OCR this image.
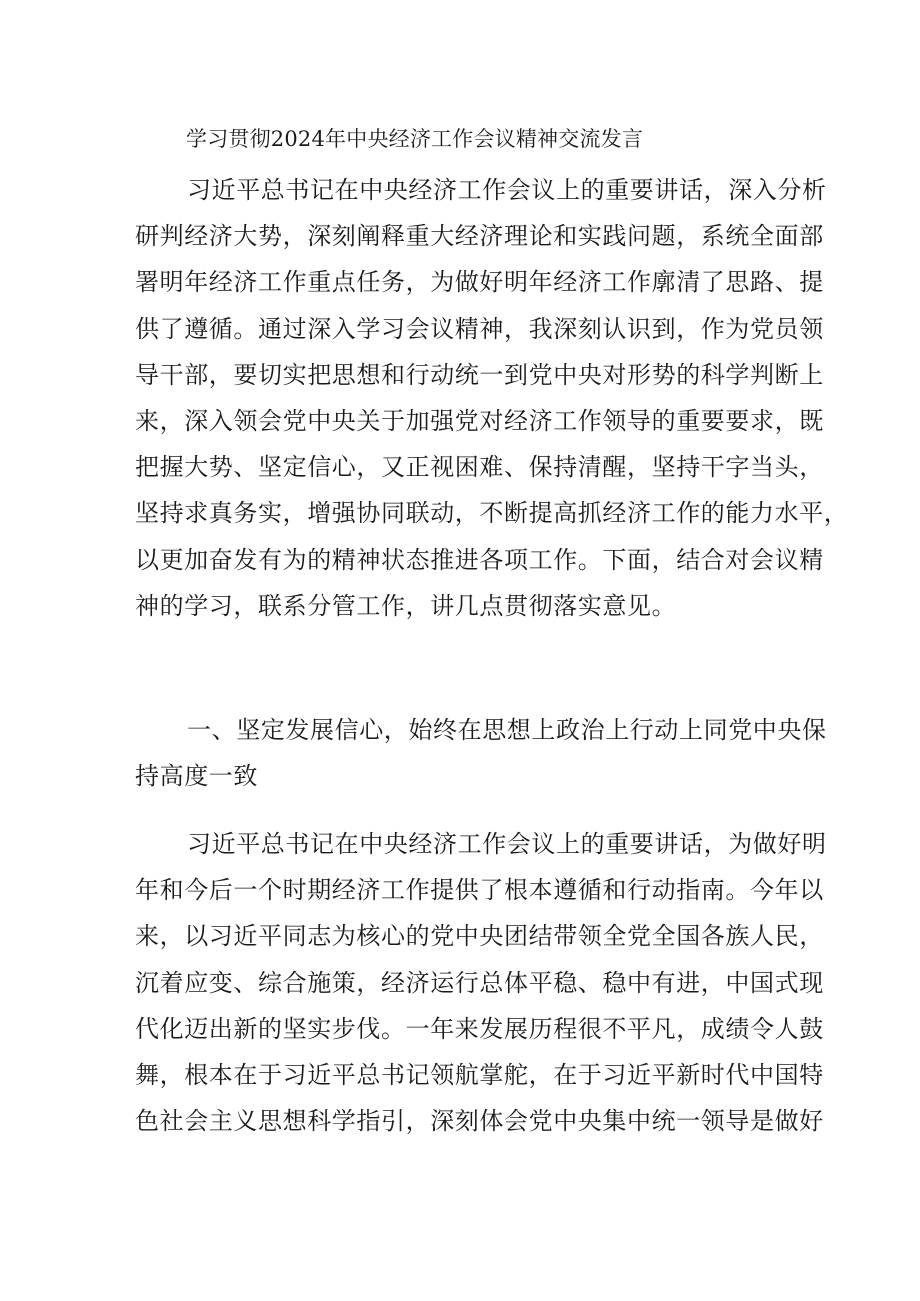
学习贯彻2024年中央经济工作会议精神交流发言

习近平总书记在中央经济工作会议上的重要讲话，深入分析
研判经济大势，深刻阐释重大经济理论和实践问题，系统全面部
署明年经济工作重点任务，为做好明年经济工作廓清了思路、提
供了遵循。通过深入学习会议精神，我深刻认识到，作为党员领
导干部，要切实把思想和行动统一到党中央对形势的科学判断上
来，深入领会党中央关于加强党对经济工作领导的重要要求，既
把握大势、坚定信心，又正视困难、保持清醒，坚持干字当头，
坚持求真务实，增强协同联动，不断提高抓经济工作的能力水平，
以更加奋发有为的精神状态推进各项工作。下面，结合对会议精
神的学习，联系分管工作，讲几点贯彻落实意见。

一、坚定发展信心，始终在思想上政治上行动上同党中央保
持高度一致

习近平总书记在中央经济工作会议上的重要讲话，为做好明
年和今后一个时期经济工作提供了根本遵循和行动指南。今年以
来，以习近平同志为核心的党中央团结带领全党全国各族人民，
沉着应变、综合施策，经济运行总体平稳、稳中有进，中国式现
代化迈出新的坚实步伐。一年来发展历程很不平凡，成绩令人鼓
舞，根本在于习近平总书记领航掌舵，在于习近平新时代中国特
色社会主义思想科学指引，深刻体会党中央集中统一领导是做好
